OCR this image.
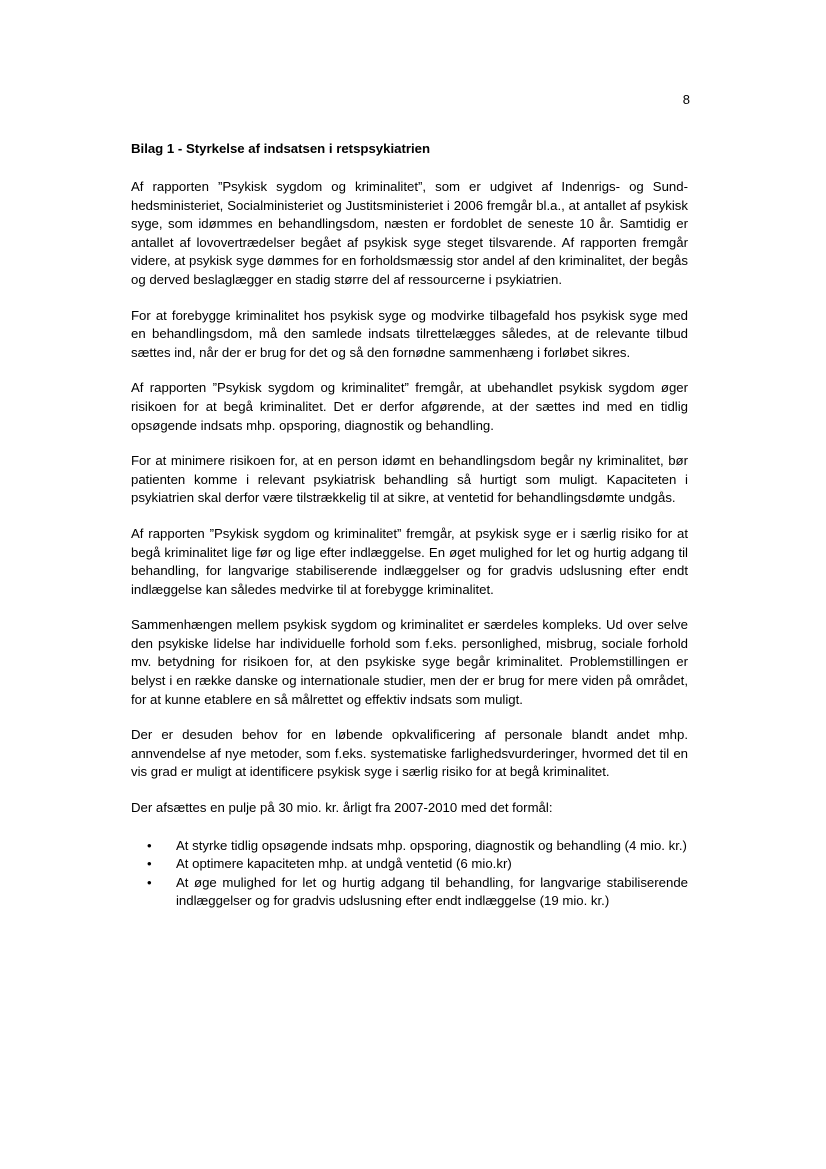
8
Bilag 1 - Styrkelse af indsatsen i retspsykiatrien

Af rapporten ”Psykisk sygdom og kriminalitet”, som er udgivet af Indenrigs- og Sundhedsministeriet, Socialministeriet og Justitsministeriet i 2006 fremgår bl.a., at antallet af psykisk syge, som idømmes en behandlingsdom, næsten er fordoblet de seneste 10 år. Samtidig er antallet af lovovertrædelser begået af psykisk syge steget tilsvarende. Af rapporten fremgår videre, at psykisk syge dømmes for en forholdsmæssig stor andel af den kriminalitet, der begås og derved beslaglægger en stadig større del af ressourcerne i psykiatrien.

For at forebygge kriminalitet hos psykisk syge og modvirke tilbagefald hos psykisk syge med en behandlingsdom, må den samlede indsats tilrettelægges således, at de relevante tilbud sættes ind, når der er brug for det og så den fornødne sammenhæng i forløbet sikres.

Af rapporten ”Psykisk sygdom og kriminalitet” fremgår, at ubehandlet psykisk sygdom øger risikoen for at begå kriminalitet. Det er derfor afgørende, at der sættes ind med en tidlig opsøgende indsats mhp. opsporing, diagnostik og behandling.

For at minimere risikoen for, at en person idømt en behandlingsdom begår ny kriminalitet, bør patienten komme i relevant psykiatrisk behandling så hurtigt som muligt. Kapaciteten i psykiatrien skal derfor være tilstrækkelig til at sikre, at ventetid for behandlingsdømte undgås.

Af rapporten ”Psykisk sygdom og kriminalitet” fremgår, at psykisk syge er i særlig risiko for at begå kriminalitet lige før og lige efter indlæggelse. En øget mulighed for let og hurtig adgang til behandling, for langvarige stabiliserende indlæggelser og for gradvis udslusning efter endt indlæggelse kan således medvirke til at forebygge kriminalitet.

Sammenhængen mellem psykisk sygdom og kriminalitet er særdeles kompleks. Ud over selve den psykiske lidelse har individuelle forhold som f.eks. personlighed, misbrug, sociale forhold mv. betydning for risikoen for, at den psykiske syge begår kriminalitet. Problemstillingen er belyst i en række danske og internationale studier, men der er brug for mere viden på området, for at kunne etablere en så målrettet og effektiv indsats som muligt.

Der er desuden behov for en løbende opkvalificering af personale blandt andet mhp. annvendelse af nye metoder, som f.eks. systematiske farlighedsvurderinger, hvormed det til en vis grad er muligt at identificere psykisk syge i særlig risiko for at begå kriminalitet.

Der afsættes en pulje på 30 mio. kr. årligt fra 2007-2010 med det formål:

•	At styrke tidlig opsøgende indsats mhp. opsporing, diagnostik og behandling (4 mio. kr.)
•	At optimere kapaciteten mhp. at undgå ventetid (6 mio.kr)
•	At øge mulighed for let og hurtig adgang til behandling, for langvarige stabiliserende indlæggelser og for gradvis udslusning efter endt indlæggelse (19 mio. kr.)
